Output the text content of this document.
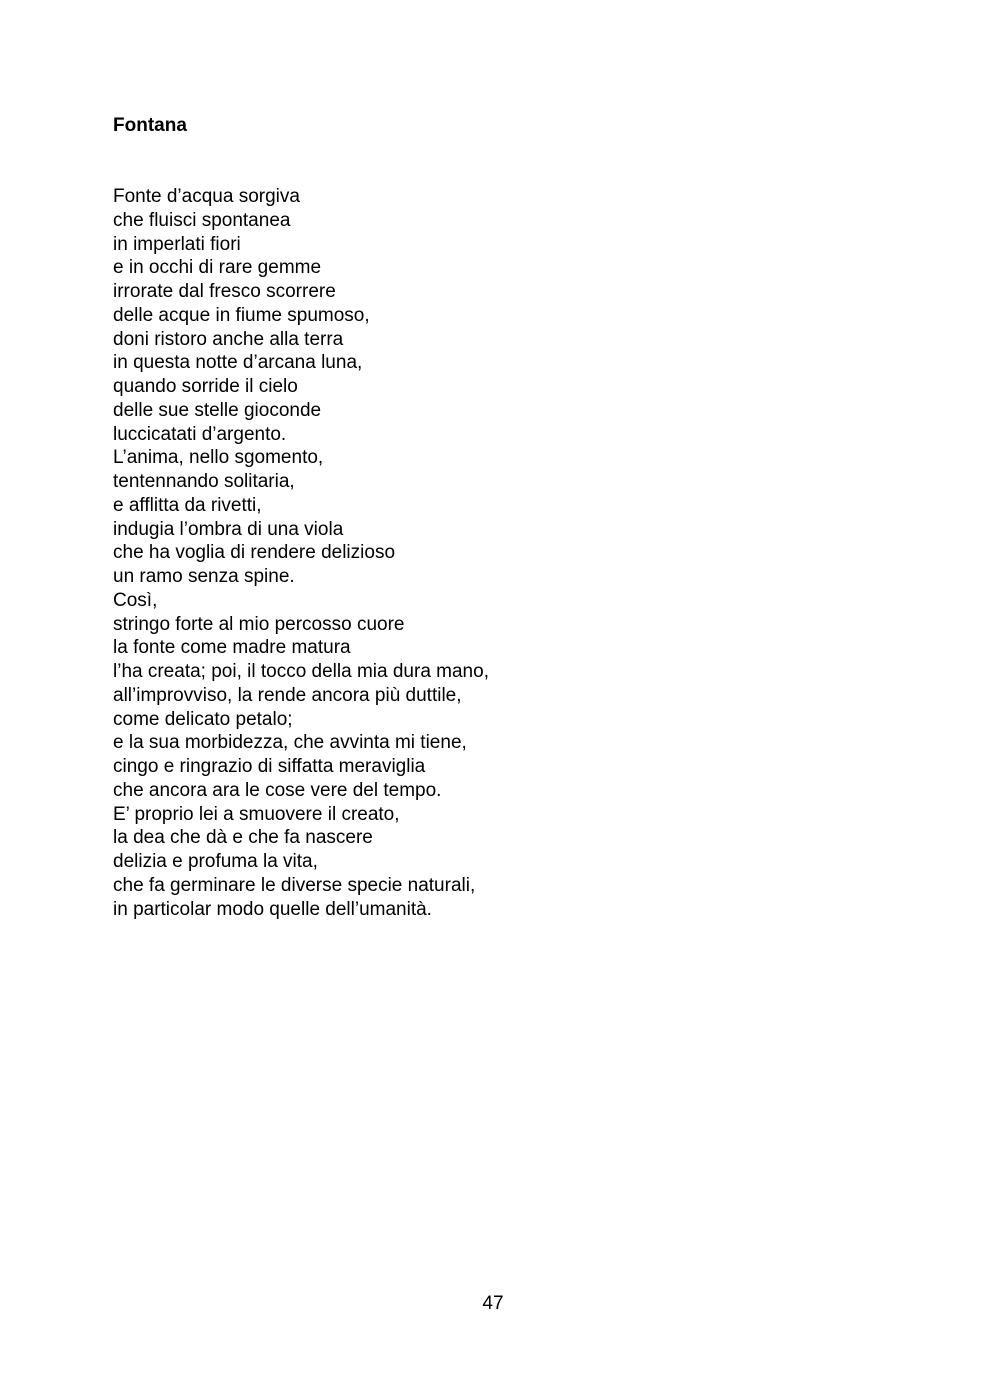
Fontana
Fonte d’acqua sorgiva
che fluisci spontanea
in imperlati fiori
e in occhi di rare gemme
irrorate dal fresco scorrere
delle acque in fiume spumoso,
doni ristoro anche alla terra
in questa notte d’arcana luna,
quando sorride il cielo
delle sue stelle gioconde
luccicatati d’argento.
L’anima, nello sgomento,
tentennando solitaria,
e afflitta da rivetti,
indugia l’ombra di una viola
che ha voglia di rendere delizioso
un ramo senza spine.
Così,
stringo forte al mio percosso cuore
la fonte come madre matura
l’ha creata; poi, il tocco della mia dura mano,
all’improvviso, la rende ancora più duttile,
come delicato petalo;
e la sua morbidezza, che avvinta mi tiene,
cingo e ringrazio di siffatta meraviglia
che ancora ara le cose vere del tempo.
E’ proprio lei a smuovere il creato,
la dea che dà e che fa nascere
delizia e profuma la vita,
che fa germinare le diverse specie naturali,
in particolar modo quelle dell’umanità.
47
